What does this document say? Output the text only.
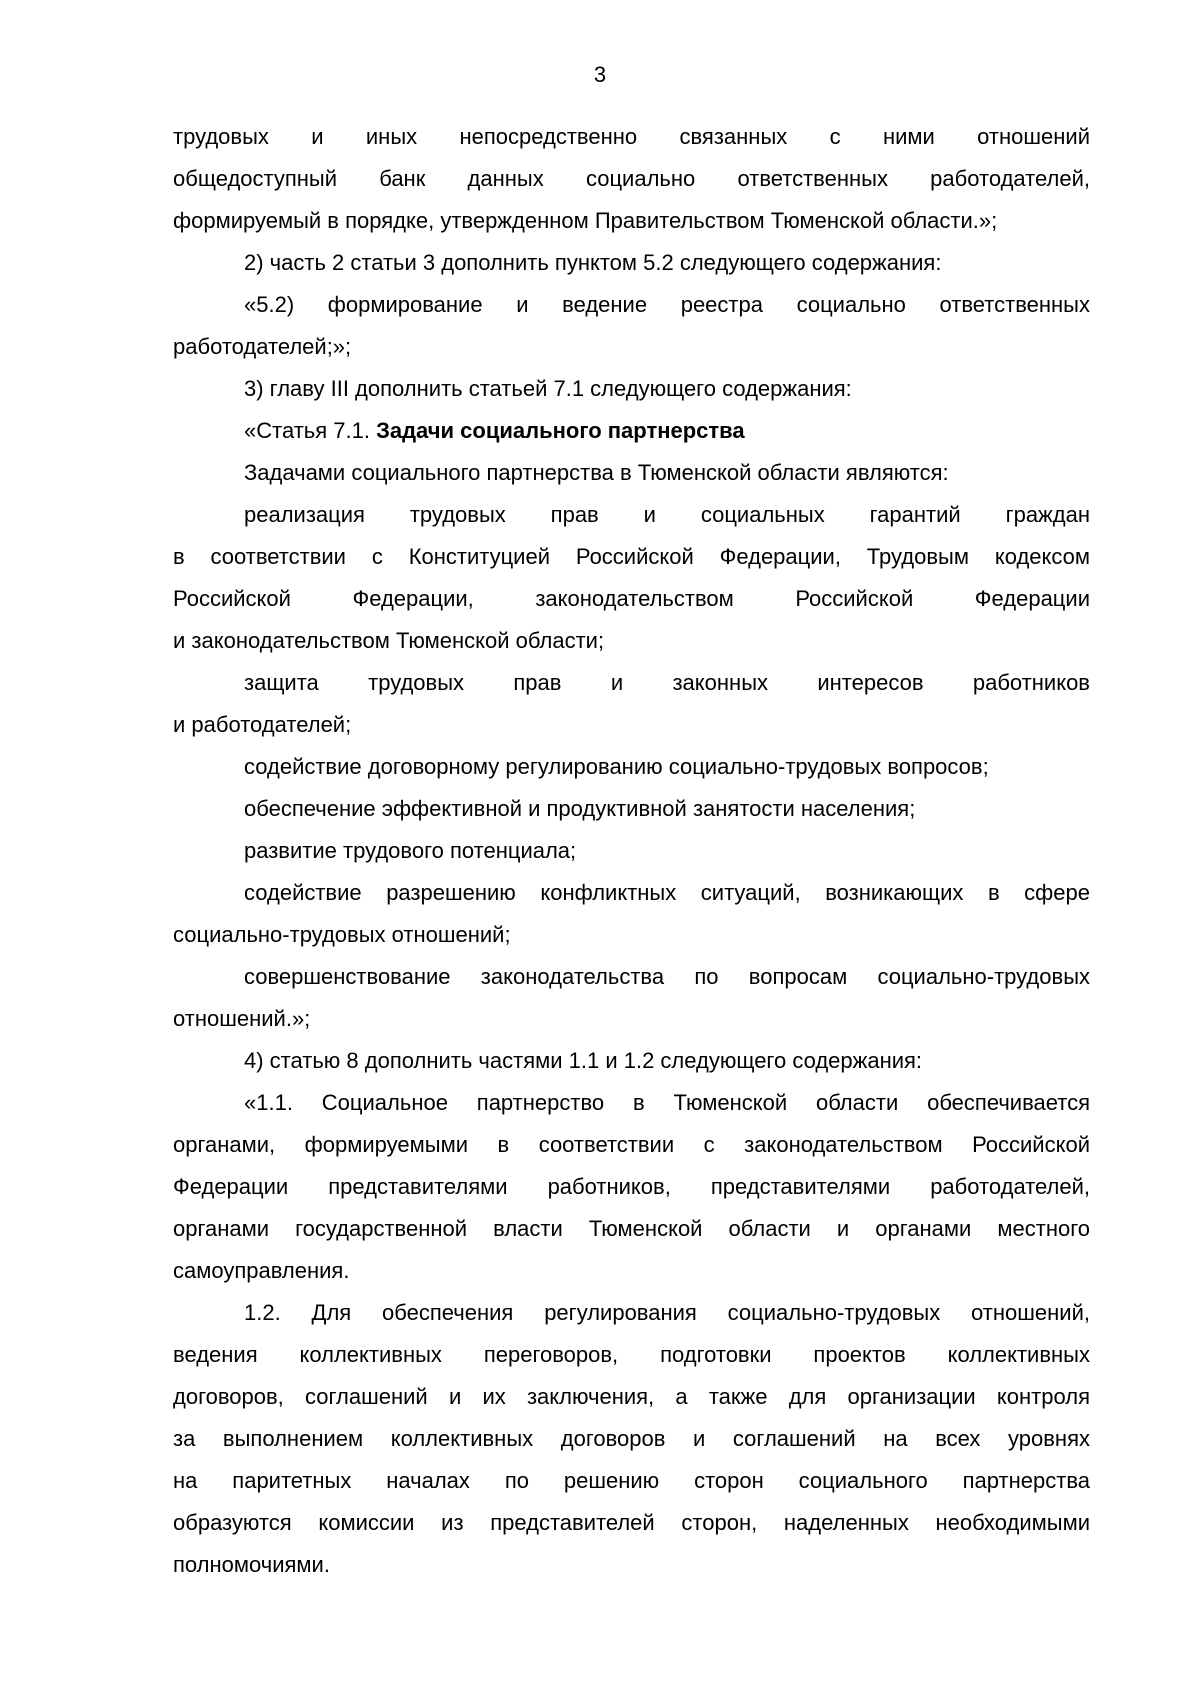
3
трудовых и иных непосредственно связанных с ними отношений
общедоступный банк данных социально ответственных работодателей,
формируемый в порядке, утвержденном Правительством Тюменской области.»;
2) часть 2 статьи 3 дополнить пунктом 5.2 следующего содержания:
«5.2) формирование и ведение реестра социально ответственных
работодателей;»;
3) главу III дополнить статьей 7.1 следующего содержания:
«Статья 7.1. Задачи социального партнерства
Задачами социального партнерства в Тюменской области являются:
реализация трудовых прав и социальных гарантий граждан
в соответствии с Конституцией Российской Федерации, Трудовым кодексом
Российской Федерации, законодательством Российской Федерации
и законодательством Тюменской области;
защита трудовых прав и законных интересов работников
и работодателей;
содействие договорному регулированию социально-трудовых вопросов;
обеспечение эффективной и продуктивной занятости населения;
развитие трудового потенциала;
содействие разрешению конфликтных ситуаций, возникающих в сфере
социально-трудовых отношений;
совершенствование законодательства по вопросам социально-трудовых
отношений.»;
4) статью 8 дополнить частями 1.1 и 1.2 следующего содержания:
«1.1. Социальное партнерство в Тюменской области обеспечивается
органами, формируемыми в соответствии с законодательством Российской
Федерации представителями работников, представителями работодателей,
органами государственной власти Тюменской области и органами местного
самоуправления.
1.2. Для обеспечения регулирования социально-трудовых отношений,
ведения коллективных переговоров, подготовки проектов коллективных
договоров, соглашений и их заключения, а также для организации контроля
за выполнением коллективных договоров и соглашений на всех уровнях
на паритетных началах по решению сторон социального партнерства
образуются комиссии из представителей сторон, наделенных необходимыми
полномочиями.
